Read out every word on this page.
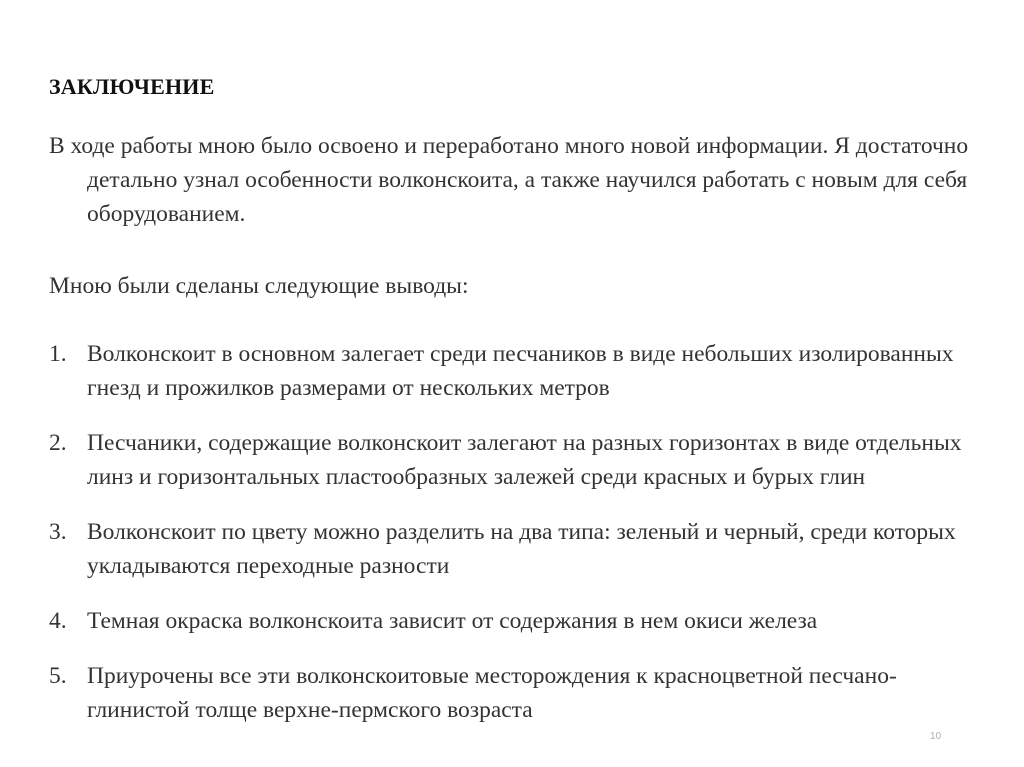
ЗАКЛЮЧЕНИЕ
В ходе работы мною было освоено и переработано много новой информации. Я достаточно детально узнал особенности волконскоита, а также научился работать с новым для себя оборудованием.
Мною были сделаны следующие выводы:
1. Волконскоит в основном залегает среди песчаников в виде небольших изолированных гнезд и прожилков размерами от нескольких метров
2. Песчаники, содержащие волконскоит залегают на разных горизонтах в виде отдельных линз и горизонтальных пластообразных залежей среди красных и бурых глин
3. Волконскоит по цвету можно разделить на два типа: зеленый и черный, среди которых укладываются переходные разности
4. Темная окраска волконскоита зависит от содержания в нем окиси железа
5. Приурочены все эти волконскоитовые месторождения к красноцветной песчано-глинистой толще верхне-пермского возраста
10
